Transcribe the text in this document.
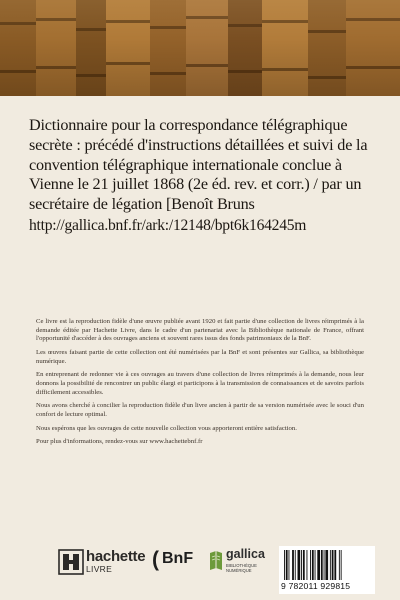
Dictionnaire pour la correspondance télégraphique secrète : précédé d'instructions détaillées et suivi de la convention télégraphique internationale conclue à Vienne le 21 juillet 1868 (2e éd. rev. et corr.) / par un secrétaire de légation [Benoît Bruns
http://gallica.bnf.fr/ark:/12148/bpt6k164245m

Ce livre est la reproduction fidèle d'une œuvre publiée avant 1920 et fait partie d'une collection de livres réimprimés à la demande éditée par Hachette Livre, dans le cadre d'un partenariat avec la Bibliothèque nationale de France, offrant l'opportunité d'accéder à des ouvrages anciens et souvent rares issus des fonds patrimoniaux de la BnF.

Les œuvres faisant partie de cette collection ont été numérisées par la BnF et sont présentes sur Gallica, sa bibliothèque numérique.

En entreprenant de redonner vie à ces ouvrages au travers d'une collection de livres réimprimés à la demande, nous leur donnons la possibilité de rencontrer un public élargi et participons à la transmission de connaissances et de savoirs parfois difficilement accessibles.

Nous avons cherché à concilier la reproduction fidèle d'un livre ancien à partir de sa version numérisée avec le souci d'un confort de lecture optimal.

Nous espérons que les ouvrages de cette nouvelle collection vous apporteront entière satisfaction.

Pour plus d'informations, rendez-vous sur www.hachettebnf.fr

hachette
LIVRE ( BnF	gallica
BIBLIOTHÈQUE NUMÉRIQUE
9 782011 929815
